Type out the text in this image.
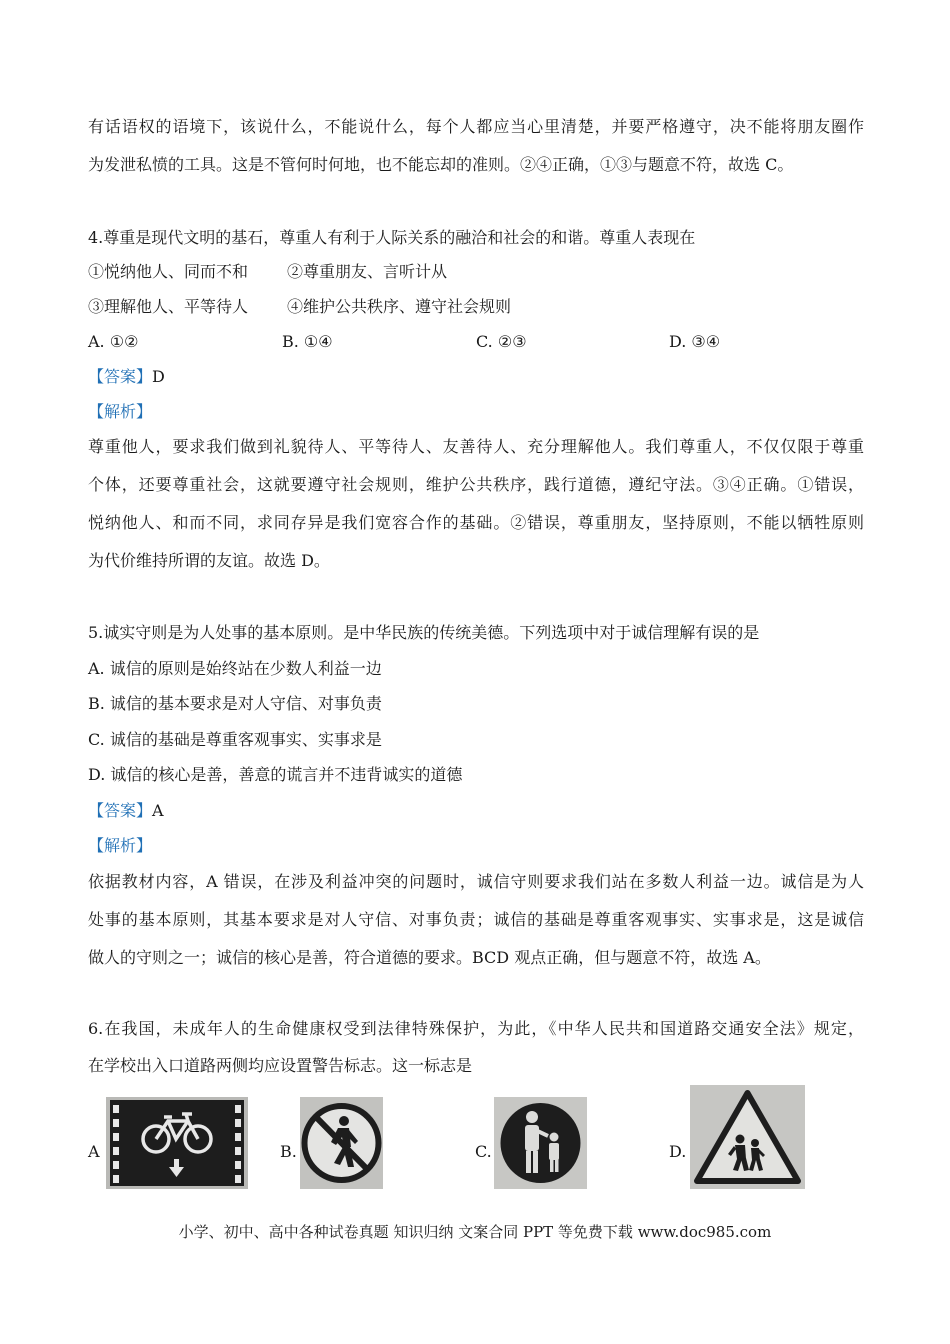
有话语权的语境下，该说什么，不能说什么，每个人都应当心里清楚，并要严格遵守，决不能将朋友圈作
为发泄私愤的工具。这是不管何时何地，也不能忘却的准则。②④正确，①③与题意不符，故选 C。
4.尊重是现代文明的基石，尊重人有利于人际关系的融洽和社会的和谐。尊重人表现在
①悦纳他人、同而不和 ②尊重朋友、言听计从
③理解他人、平等待人 ④维护公共秩序、遵守社会规则
A. ①②	B. ①④	C. ②③	D. ③④
【答案】D
【解析】
尊重他人，要求我们做到礼貌待人、平等待人、友善待人、充分理解他人。我们尊重人，不仅仅限于尊重
个体，还要尊重社会，这就要遵守社会规则，维护公共秩序，践行道德，遵纪守法。③④正确。①错误，
悦纳他人、和而不同，求同存异是我们宽容合作的基础。②错误，尊重朋友，坚持原则，不能以牺牲原则
为代价维持所谓的友谊。故选 D。
5.诚实守则是为人处事的基本原则。是中华民族的传统美德。下列选项中对于诚信理解有误的是
A. 诚信的原则是始终站在少数人利益一边
B. 诚信的基本要求是对人守信、对事负责
C. 诚信的基础是尊重客观事实、实事求是
D. 诚信的核心是善，善意的谎言并不违背诚实的道德
【答案】A
【解析】
依据教材内容，A 错误，在涉及利益冲突的问题时，诚信守则要求我们站在多数人利益一边。诚信是为人
处事的基本原则，其基本要求是对人守信、对事负责；诚信的基础是尊重客观事实、实事求是，这是诚信
做人的守则之一；诚信的核心是善，符合道德的要求。BCD 观点正确，但与题意不符，故选 A。
6.在我国，未成年人的生命健康权受到法律特殊保护，为此，《中华人民共和国道路交通安全法》规定，
在学校出入口道路两侧均应设置警告标志。这一标志是
A	B.	C.	D.
小学、初中、高中各种试卷真题 知识归纳 文案合同 PPT 等免费下载 www.doc985.com
